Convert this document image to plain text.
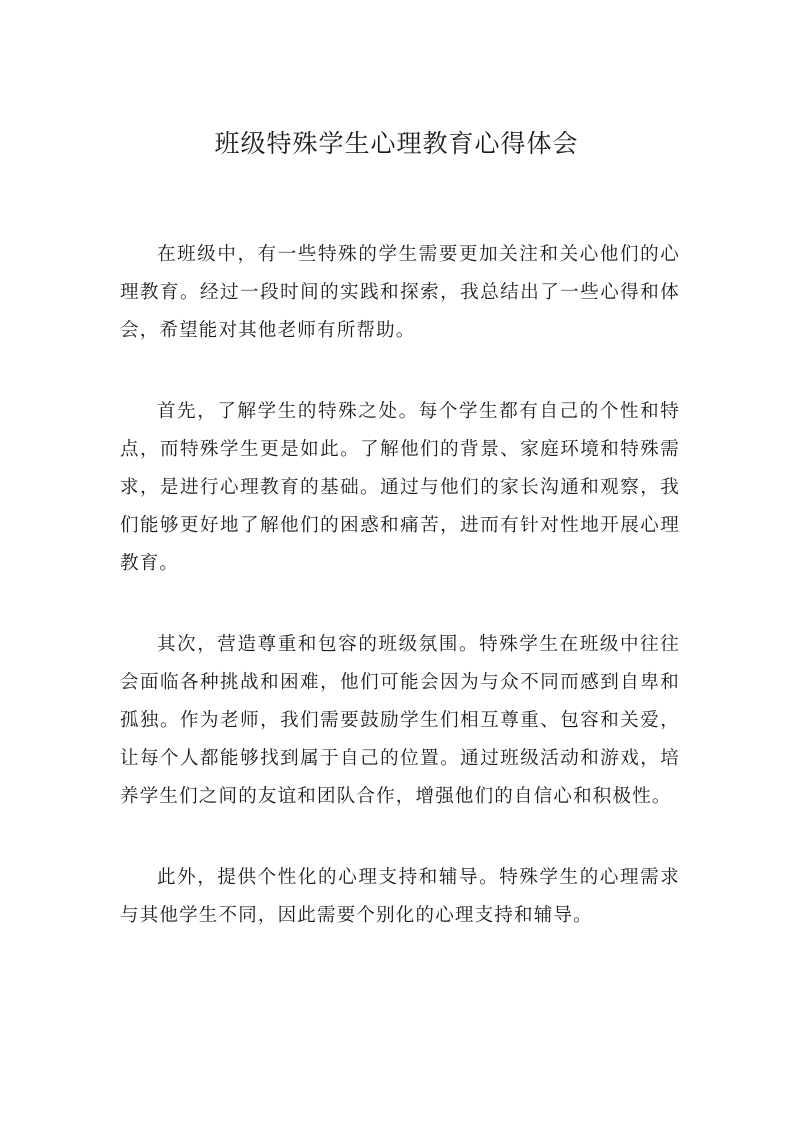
班级特殊学生心理教育心得体会

在班级中，有一些特殊的学生需要更加关注和关心他们的心理教育。经过一段时间的实践和探索，我总结出了一些心得和体会，希望能对其他老师有所帮助。

首先，了解学生的特殊之处。每个学生都有自己的个性和特点，而特殊学生更是如此。了解他们的背景、家庭环境和特殊需求，是进行心理教育的基础。通过与他们的家长沟通和观察，我们能够更好地了解他们的困惑和痛苦，进而有针对性地开展心理教育。

其次，营造尊重和包容的班级氛围。特殊学生在班级中往往会面临各种挑战和困难，他们可能会因为与众不同而感到自卑和孤独。作为老师，我们需要鼓励学生们相互尊重、包容和关爱，让每个人都能够找到属于自己的位置。通过班级活动和游戏，培养学生们之间的友谊和团队合作，增强他们的自信心和积极性。

此外，提供个性化的心理支持和辅导。特殊学生的心理需求与其他学生不同，因此需要个别化的心理支持和辅导。
